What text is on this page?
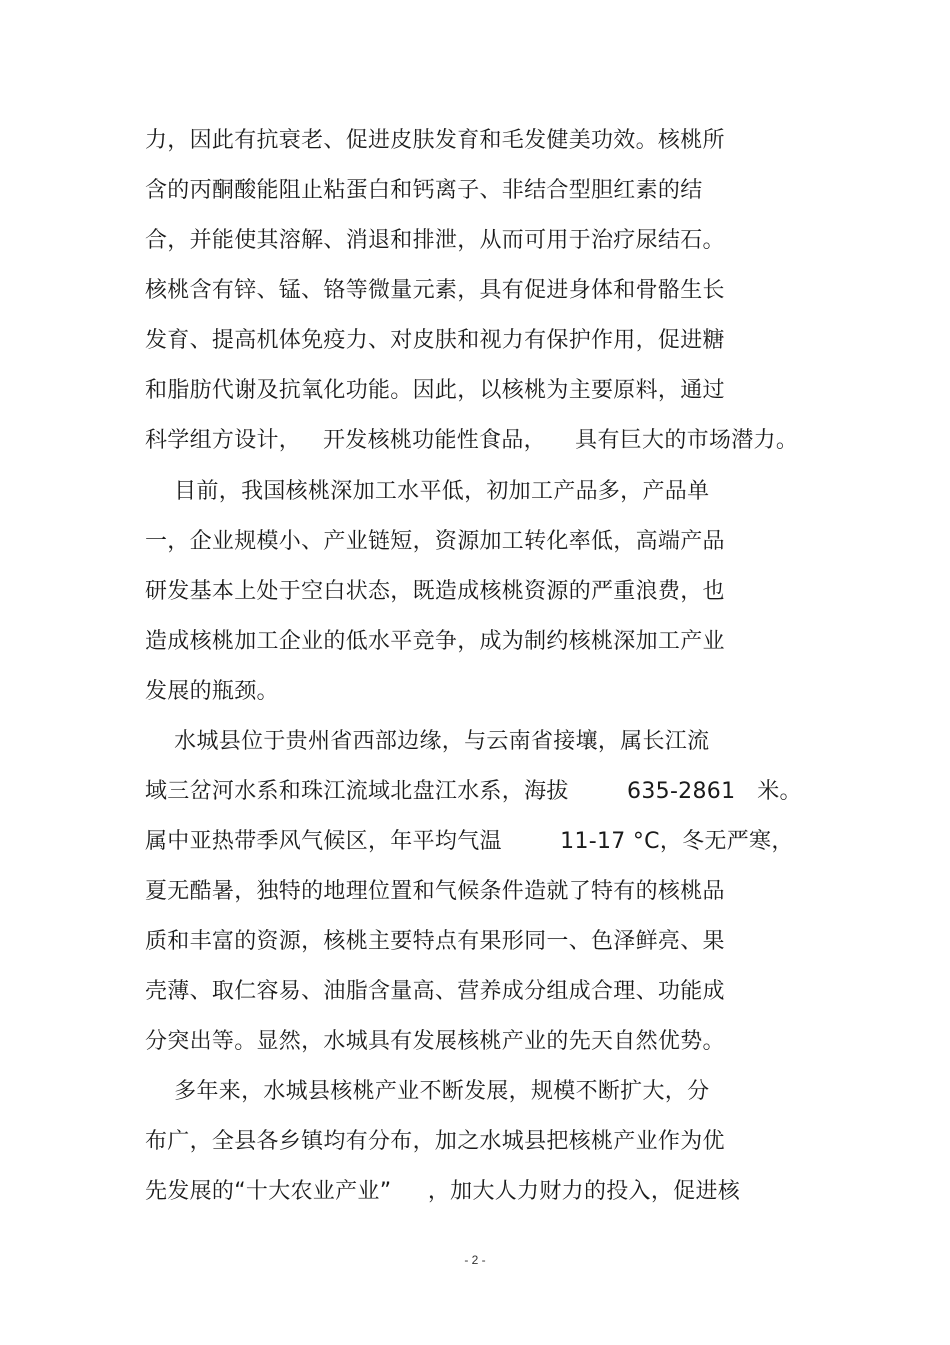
力，因此有抗衰老、促进皮肤发育和毛发健美功效。核桃所
含的丙酮酸能阻止粘蛋白和钙离子、非结合型胆红素的结
合，并能使其溶解、消退和排泄，从而可用于治疗尿结石。
核桃含有锌、锰、铬等微量元素，具有促进身体和骨骼生长
发育、提高机体免疫力、对皮肤和视力有保护作用，促进糖
和脂肪代谢及抗氧化功能。因此，以核桃为主要原料，通过
科学组方设计，   开发核桃功能性食品，    具有巨大的市场潜力。
目前，我国核桃深加工水平低，初加工产品多，产品单
一，企业规模小、产业链短，资源加工转化率低，高端产品
研发基本上处于空白状态，既造成核桃资源的严重浪费，也
造成核桃加工企业的低水平竞争，成为制约核桃深加工产业
发展的瓶颈。
水城县位于贵州省西部边缘，与云南省接壤，属长江流
域三岔河水系和珠江流域北盘江水系，海拔        635-2861   米。
属中亚热带季风气候区，年平均气温        11-17 °C，冬无严寒，
夏无酷暑，独特的地理位置和气候条件造就了特有的核桃品
质和丰富的资源，核桃主要特点有果形同一、色泽鲜亮、果
壳薄、取仁容易、油脂含量高、营养成分组成合理、功能成
分突出等。显然，水城具有发展核桃产业的先天自然优势。
多年来，水城县核桃产业不断发展，规模不断扩大，分
布广，全县各乡镇均有分布，加之水城县把核桃产业作为优
先发展的“十大农业产业”     ，加大人力财力的投入，促进核
- 2 -
